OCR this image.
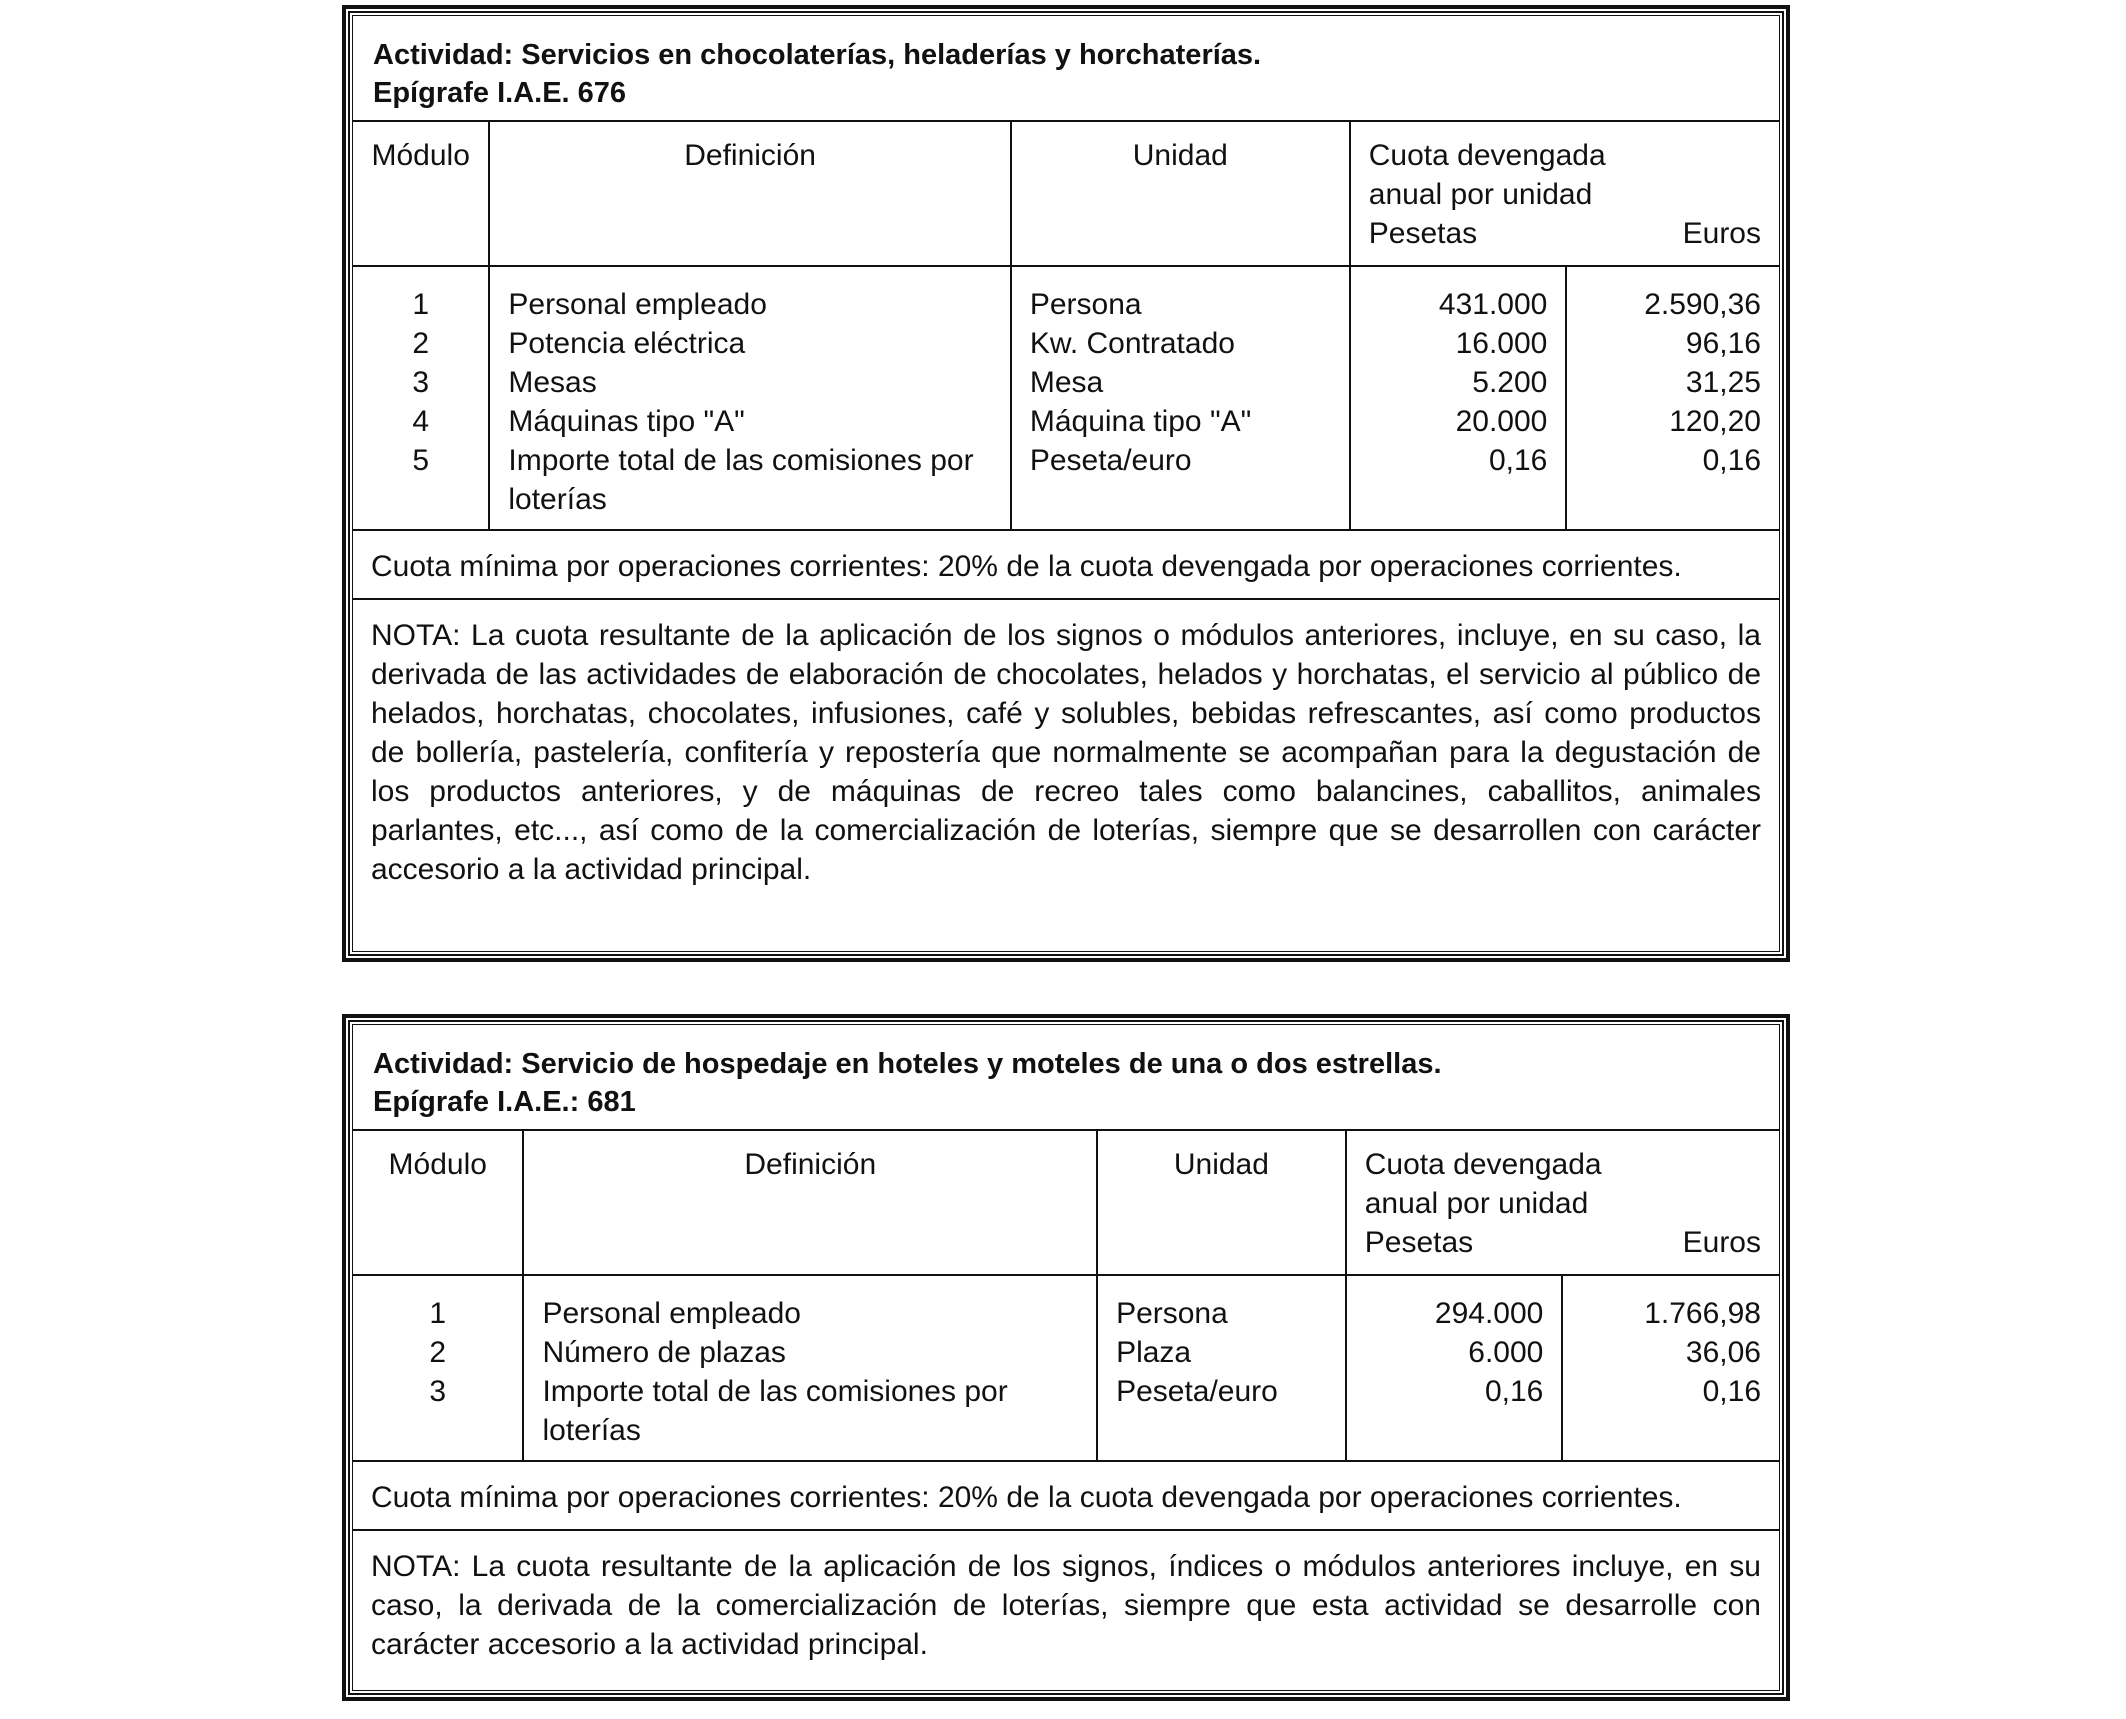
Actividad: Servicios en chocolaterías, heladerías y horchaterías.
Epígrafe I.A.E. 676
Módulo	Definición	Unidad	Cuota devengada
anual por unidad
Pesetas Euros	

1	Personal empleado	Persona	431.000	2.590,36
2	Potencia eléctrica	Kw. Contratado	16.000	96,16
3	Mesas	Mesa	5.200	31,25
4	Máquinas tipo "A"	Máquina tipo "A"	20.000	120,20
5	Importe total de las comisiones por loterías	Peseta/euro	0,16	0,16
Cuota mínima por operaciones corrientes: 20% de la cuota devengada por operaciones corrientes.
NOTA: La cuota resultante de la aplicación de los signos o módulos anteriores, incluye, en su caso, la derivada de las actividades de elaboración de chocolates, helados y horchatas, el servicio al público de helados, horchatas, chocolates, infusiones, café y solubles, bebidas refrescantes, así como productos de bollería, pastelería, confitería y repostería que normalmente se acompañan para la degustación de los productos anteriores, y de máquinas de recreo tales como balancines, caballitos, animales parlantes, etc..., así como de la comercialización de loterías, siempre que se desarrollen con carácter accesorio a la actividad principal.
Actividad: Servicio de hospedaje en hoteles y moteles de una o dos estrellas.
Epígrafe I.A.E.: 681
Módulo	Definición	Unidad	Cuota devengada
anual por unidad
Pesetas Euros	

1	Personal empleado	Persona	294.000	1.766,98
2	Número de plazas	Plaza	6.000	36,06
3	Importe total de las comisiones por loterías	Peseta/euro	0,16	0,16
Cuota mínima por operaciones corrientes: 20% de la cuota devengada por operaciones corrientes.
NOTA: La cuota resultante de la aplicación de los signos, índices o módulos anteriores incluye, en su caso, la derivada de la comercialización de loterías, siempre que esta actividad se desarrolle con carácter accesorio a la actividad principal.
